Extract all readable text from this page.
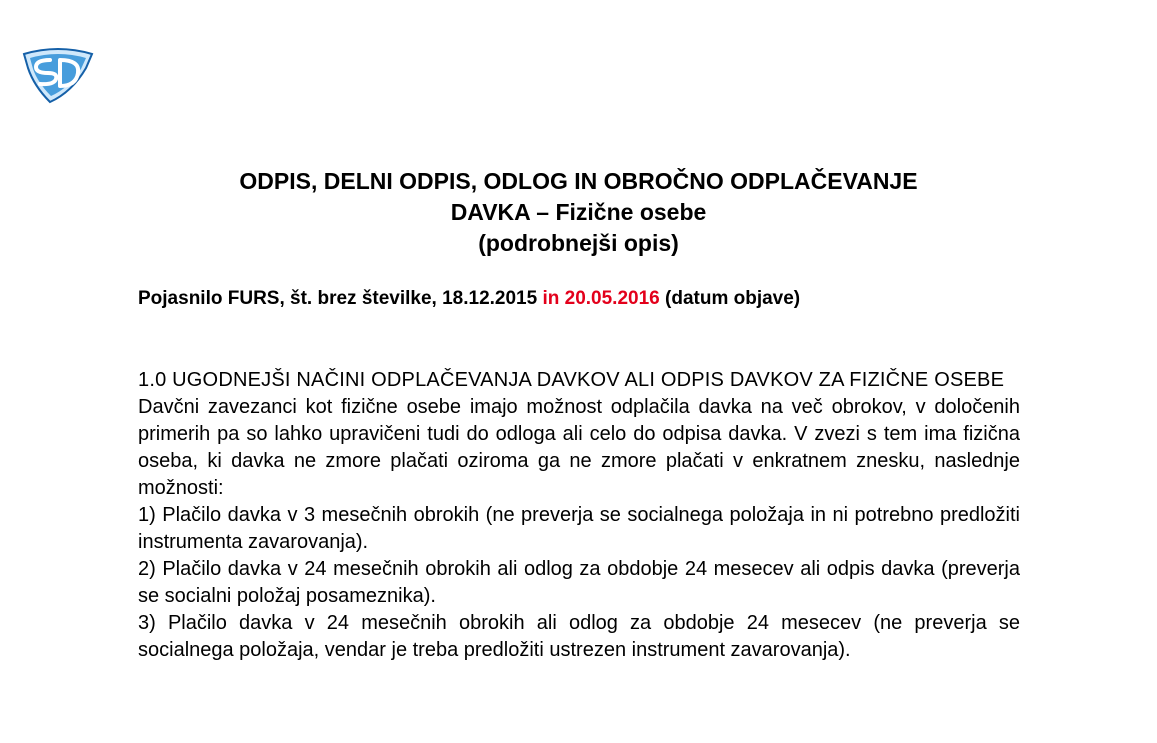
ODPIS, DELNI ODPIS, ODLOG IN OBROČNO ODPLAČEVANJE
DAVKA – Fizične osebe
(podrobnejši opis)
Pojasnilo FURS, št. brez številke, 18.12.2015 in 20.05.2016 (datum objave)

1.0 UGODNEJŠI NAČINI ODPLAČEVANJA DAVKOV ALI ODPIS DAVKOV ZA FIZIČNE OSEBE

Davčni zavezanci kot fizične osebe imajo možnost odplačila davka na več obrokov, v določenih primerih pa so lahko upravičeni tudi do odloga ali celo do odpisa davka. V zvezi s tem ima fizična oseba, ki davka ne zmore plačati oziroma ga ne zmore plačati v enkratnem znesku, naslednje možnosti:

1) Plačilo davka v 3 mesečnih obrokih (ne preverja se socialnega položaja in ni potrebno predložiti instrumenta zavarovanja).

2) Plačilo davka v 24 mesečnih obrokih ali odlog za obdobje 24 mesecev ali odpis davka (preverja se socialni položaj posameznika).

3) Plačilo davka v 24 mesečnih obrokih ali odlog za obdobje 24 mesecev (ne preverja se socialnega položaja, vendar je treba predložiti ustrezen instrument zavarovanja).
